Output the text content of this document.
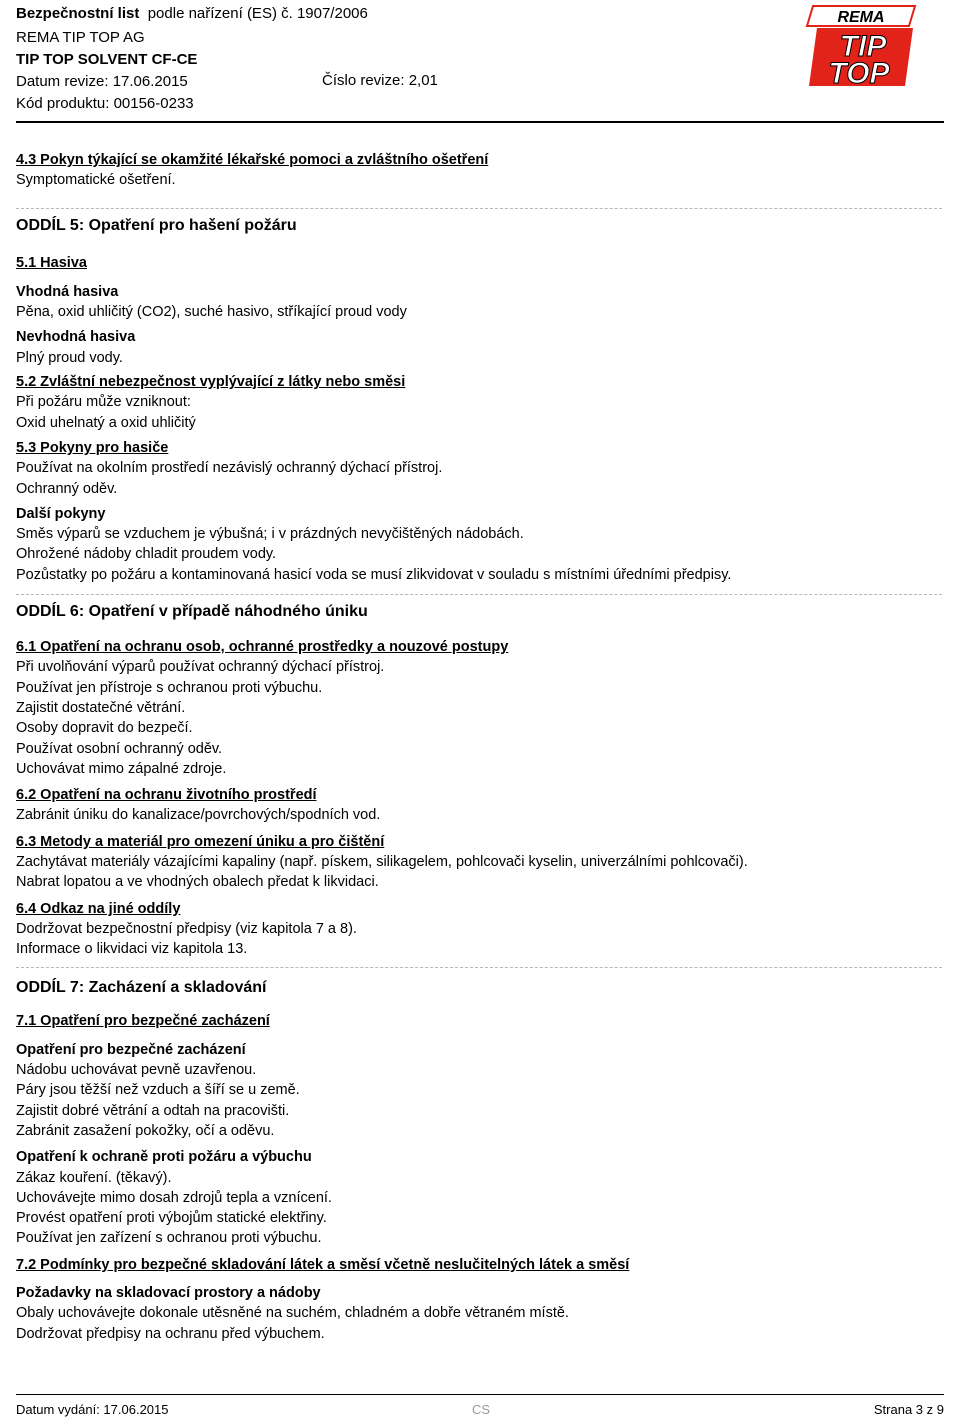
Bezpečnostní list podle nařízení (ES) č. 1907/2006
REMA TIP TOP AG
TIP TOP SOLVENT CF-CE
Datum revize: 17.06.2015	Číslo revize: 2,01
Kód produktu: 00156-0233
REMA
TIP
TOP
4.3 Pokyn týkající se okamžité lékařské pomoci a zvláštního ošetření
Symptomatické ošetření.
ODDÍL 5: Opatření pro hašení požáru
5.1 Hasiva
Vhodná hasiva
Pěna, oxid uhličitý (CO2), suché hasivo, stříkající proud vody
Nevhodná hasiva
Plný proud vody.
5.2 Zvláštní nebezpečnost vyplývající z látky nebo směsi
Při požáru může vzniknout:
Oxid uhelnatý a oxid uhličitý
5.3 Pokyny pro hasiče
Používat na okolním prostředí nezávislý ochranný dýchací přístroj.
Ochranný oděv.
Další pokyny
Směs výparů se vzduchem je výbušná; i v prázdných nevyčištěných nádobách.
Ohrožené nádoby chladit proudem vody.
Pozůstatky po požáru a kontaminovaná hasicí voda se musí zlikvidovat v souladu s místními úředními předpisy.
ODDÍL 6: Opatření v případě náhodného úniku
6.1 Opatření na ochranu osob, ochranné prostředky a nouzové postupy
Při uvolňování výparů používat ochranný dýchací přístroj.
Používat jen přístroje s ochranou proti výbuchu.
Zajistit dostatečné větrání.
Osoby dopravit do bezpečí.
Používat osobní ochranný oděv.
Uchovávat mimo zápalné zdroje.
6.2 Opatření na ochranu životního prostředí
Zabránit úniku do kanalizace/povrchových/spodních vod.
6.3 Metody a materiál pro omezení úniku a pro čištění
Zachytávat materiály vázajícími kapaliny (např. pískem, silikagelem, pohlcovači kyselin, univerzálními pohlcovači).
Nabrat lopatou a ve vhodných obalech předat k likvidaci.
6.4 Odkaz na jiné oddíly
Dodržovat bezpečnostní předpisy (viz kapitola 7 a 8).
Informace o likvidaci viz kapitola 13.
ODDÍL 7: Zacházení a skladování
7.1 Opatření pro bezpečné zacházení
Opatření pro bezpečné zacházení
Nádobu uchovávat pevně uzavřenou.
Páry jsou těžší než vzduch a šíří se u země.
Zajistit dobré větrání a odtah na pracovišti.
Zabránit zasažení pokožky, očí a oděvu.
Opatření k ochraně proti požáru a výbuchu
Zákaz kouření. (těkavý).
Uchovávejte mimo dosah zdrojů tepla a vznícení.
Provést opatření proti výbojům statické elektřiny.
Používat jen zařízení s ochranou proti výbuchu.
7.2 Podmínky pro bezpečné skladování látek a směsí včetně neslučitelných látek a směsí
Požadavky na skladovací prostory a nádoby
Obaly uchovávejte dokonale utěsněné na suchém, chladném a dobře větraném místě.
Dodržovat předpisy na ochranu před výbuchem.
Datum vydání: 17.06.2015	CS	Strana 3 z 9
